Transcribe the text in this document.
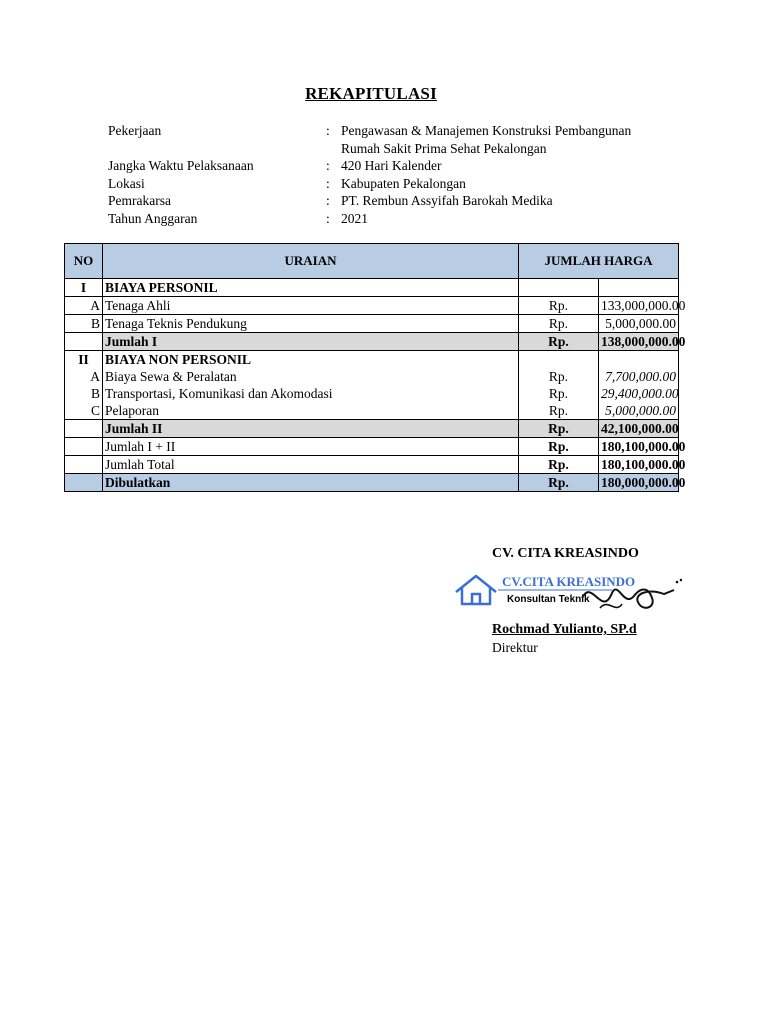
REKAPITULASI
Pekerjaan	: Pengawasan & Manajemen Konstruksi Pembangunan
Rumah Sakit Prima Sehat Pekalongan
Jangka Waktu Pelaksanaan	: 420 Hari Kalender
Lokasi	: Kabupaten Pekalongan
Pemrakarsa	: PT. Rembun Assyifah Barokah Medika
Tahun Anggaran	: 2021
NO	URAIAN	JUMLAH HARGA	
I	BIAYA PERSONIL		
A	Tenaga Ahli	Rp.	133,000,000.00
B	Tenaga Teknis Pendukung	Rp.	5,000,000.00
	Jumlah I	Rp.	138,000,000.00
II	BIAYA NON PERSONIL		
A	Biaya Sewa & Peralatan	Rp.	7,700,000.00
B	Transportasi, Komunikasi dan Akomodasi	Rp.	29,400,000.00
C	Pelaporan	Rp.	5,000,000.00
	Jumlah II	Rp.	42,100,000.00
	Jumlah I + II	Rp.	180,100,000.00
	Jumlah Total	Rp.	180,100,000.00
	Dibulatkan	Rp.	180,000,000.00
CV. CITA KREASINDO
CV.CITA KREASINDO
Konsultan Teknik
Rochmad Yulianto, SP.d
Direktur
